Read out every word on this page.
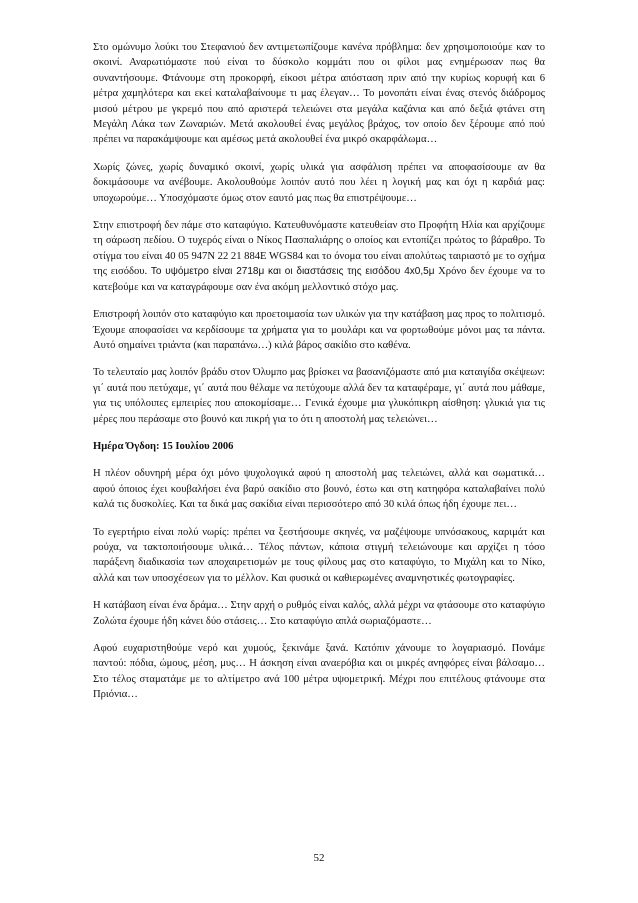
Στο ομώνυμο λούκι του Στεφανιού δεν αντιμετωπίζουμε κανένα πρόβλημα: δεν χρησιμοποιούμε καν το σκοινί. Αναρωτιόμαστε πού είναι το δύσκολο κομμάτι που οι φίλοι μας ενημέρωσαν πως θα συναντήσουμε. Φτάνουμε στη προκορφή, είκοσι μέτρα απόσταση πριν από την κυρίως κορυφή και 6 μέτρα χαμηλότερα και εκεί καταλαβαίνουμε τι μας έλεγαν… Το μονοπάτι είναι ένας στενός διάδρομος μισού μέτρου με γκρεμό που από αριστερά τελειώνει στα μεγάλα καζάνια και από δεξιά φτάνει στη Μεγάλη Λάκα των Ζωναριών. Μετά ακολουθεί ένας μεγάλος βράχος, τον οποίο δεν ξέρουμε από πού πρέπει να παρακάμψουμε και αμέσως μετά ακολουθεί ένα μικρό σκαρφάλωμα…

Χωρίς ζώνες, χωρίς δυναμικό σκοινί, χωρίς υλικά για ασφάλιση πρέπει να αποφασίσουμε αν θα δοκιμάσουμε να ανέβουμε. Ακολουθούμε λοιπόν αυτό που λέει η λογική μας και όχι η καρδιά μας: υποχωρούμε… Υποσχόμαστε όμως στον εαυτό μας πως θα επιστρέψουμε…

Στην επιστροφή δεν πάμε στο καταφύγιο. Κατευθυνόμαστε κατευθείαν στο Προφήτη Ηλία και αρχίζουμε τη σάρωση πεδίου. Ο τυχερός είναι ο Νίκος Πασπαλιάρης ο οποίος και εντοπίζει πρώτος το βάραθρο. Το στίγμα του είναι 40 05 947N 22 21 884E WGS84 και το όνομα του είναι απολύτως ταιριαστό με το σχήμα της εισόδου. Το υψόμετρο είναι 2718μ και οι διαστάσεις της εισόδου 4x0,5μ Χρόνο δεν έχουμε να το κατεβούμε και να καταγράφουμε σαν ένα ακόμη μελλοντικό στόχο μας.

Επιστροφή λοιπόν στο καταφύγιο και προετοιμασία των υλικών για την κατάβαση μας προς το πολιτισμό. Έχουμε αποφασίσει να κερδίσουμε τα χρήματα για το μουλάρι και να φορτωθούμε μόνοι μας τα πάντα. Αυτό σημαίνει τριάντα (και παραπάνω…) κιλά βάρος σακίδιο στο καθένα.

Το τελευταίο μας λοιπόν βράδυ στον Όλυμπο μας βρίσκει να βασανιζόμαστε από μια καταιγίδα σκέψεων: γι΄ αυτά που πετύχαμε, γι΄ αυτά που θέλαμε να πετύχουμε αλλά δεν τα καταφέραμε, γι΄ αυτά που μάθαμε, για τις υπόλοιπες εμπειρίες που αποκομίσαμε… Γενικά έχουμε μια γλυκόπικρη αίσθηση: γλυκιά για τις μέρες που περάσαμε στο βουνό και πικρή για το ότι η αποστολή μας τελειώνει…

Ημέρα Όγδοη: 15 Ιουλίου 2006

Η πλέον οδυνηρή μέρα όχι μόνο ψυχολογικά αφού η αποστολή μας τελειώνει, αλλά και σωματικά… αφού όποιος έχει κουβαλήσει ένα βαρύ σακίδιο στο βουνό, έστω και στη κατηφόρα καταλαβαίνει πολύ καλά τις δυσκολίες. Και τα δικά μας σακίδια είναι περισσότερο από 30 κιλά όπως ήδη έχουμε πει…

Το εγερτήριο είναι πολύ νωρίς: πρέπει να ξεστήσουμε σκηνές, να μαζέψουμε υπνόσακους, καριμάτ και ρούχα, να τακτοποιήσουμε υλικά… Τέλος πάντων, κάποια στιγμή τελειώνουμε και αρχίζει η τόσο παράξενη διαδικασία των αποχαιρετισμών με τους φίλους μας στο καταφύγιο, το Μιχάλη και το Νίκο, αλλά και των υποσχέσεων για το μέλλον. Και φυσικά οι καθιερωμένες αναμνηστικές φωτογραφίες.

Η κατάβαση είναι ένα δράμα… Στην αρχή ο ρυθμός είναι καλός, αλλά μέχρι να φτάσουμε στο καταφύγιο Ζολώτα έχουμε ήδη κάνει δύο στάσεις… Στο καταφύγιο απλά σωριαζόμαστε…

Αφού ευχαριστηθούμε νερό και χυμούς, ξεκινάμε ξανά. Κατόπιν χάνουμε το λογαριασμό. Πονάμε παντού: πόδια, ώμους, μέση, μυς… Η άσκηση είναι αναερόβια και οι μικρές ανηφόρες είναι βάλσαμο… Στο τέλος σταματάμε με το αλτίμετρο ανά 100 μέτρα υψομετρική. Μέχρι που επιτέλους φτάνουμε στα Πριόνια…

52
